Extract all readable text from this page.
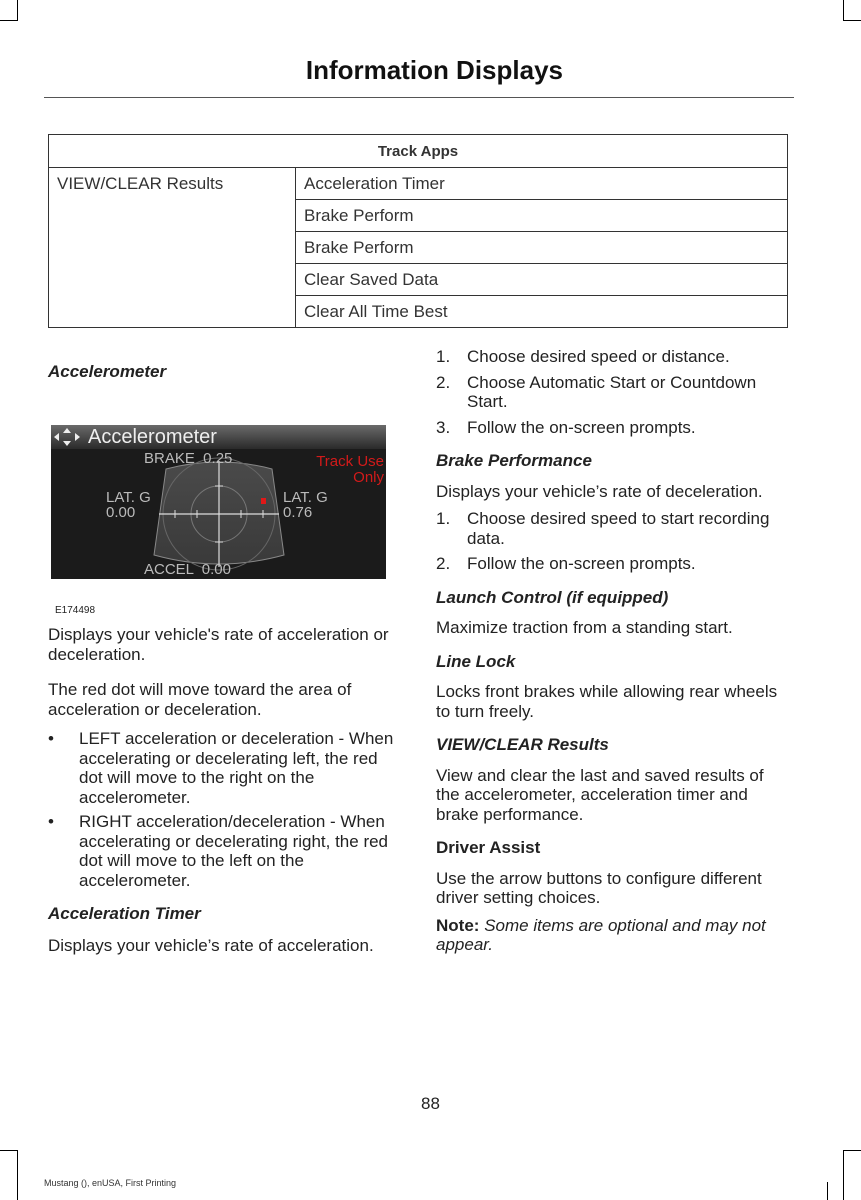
Information Displays
Track Apps
VIEW/CLEAR Results	Acceleration Timer
Brake Perform
Brake Perform
Clear Saved Data
Clear All Time Best

Accelerometer

Accelerometer
BRAKE  0.25
ACCEL  0.00
LAT. G
0.00
LAT. G
0.76
Track Use
Only
E174498

Displays your vehicle's rate of acceleration or deceleration.

The red dot will move toward the area of acceleration or deceleration.

• LEFT acceleration or deceleration - When accelerating or decelerating left, the red dot will move to the right on the accelerometer.
• RIGHT acceleration/deceleration - When accelerating or decelerating right, the red dot will move to the left on the accelerometer.

Acceleration Timer

Displays your vehicle’s rate of acceleration.

1. Choose desired speed or distance.
2. Choose Automatic Start or Countdown Start.
3. Follow the on-screen prompts.

Brake Performance

Displays your vehicle’s rate of deceleration.

1. Choose desired speed to start recording data.
2. Follow the on-screen prompts.

Launch Control (if equipped)

Maximize traction from a standing start.

Line Lock

Locks front brakes while allowing rear wheels to turn freely.

VIEW/CLEAR Results

View and clear the last and saved results of the accelerometer, acceleration timer and brake performance.

Driver Assist

Use the arrow buttons to configure different driver setting choices.

Note: Some items are optional and may not appear.

88
Mustang (), enUSA, First Printing
